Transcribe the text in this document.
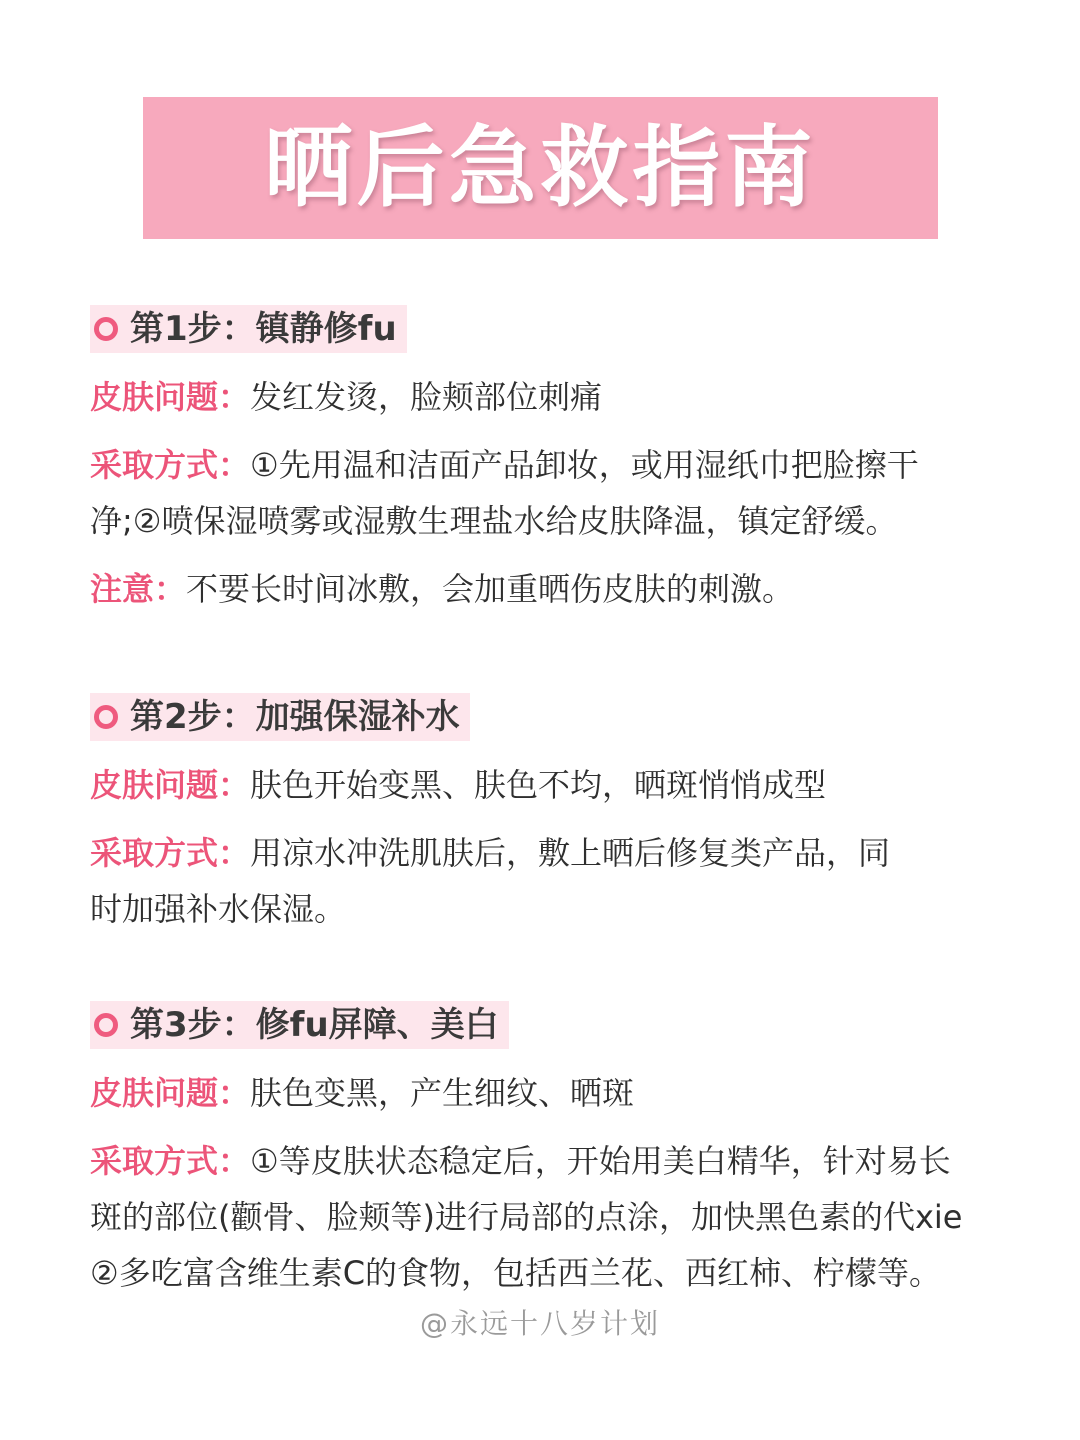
晒后急救指南
第1步：镇静修fu
皮肤问题：发红发烫，脸颊部位刺痛
采取方式：①先用温和洁面产品卸妆，或用湿纸巾把脸擦干
净;②喷保湿喷雾或湿敷生理盐水给皮肤降温，镇定舒缓。
注意：不要长时间冰敷，会加重晒伤皮肤的刺激。
第2步：加强保湿补水
皮肤问题：肤色开始变黑、肤色不均，晒斑悄悄成型
采取方式：用凉水冲洗肌肤后，敷上晒后修复类产品，同
时加强补水保湿。
第3步：修fu屏障、美白
皮肤问题：肤色变黑，产生细纹、晒斑
采取方式：①等皮肤状态稳定后，开始用美白精华，针对易长
斑的部位(颧骨、脸颊等)进行局部的点涂，加快黑色素的代xie
②多吃富含维生素C的食物，包括西兰花、西红柿、柠檬等。
@永远十八岁计划
